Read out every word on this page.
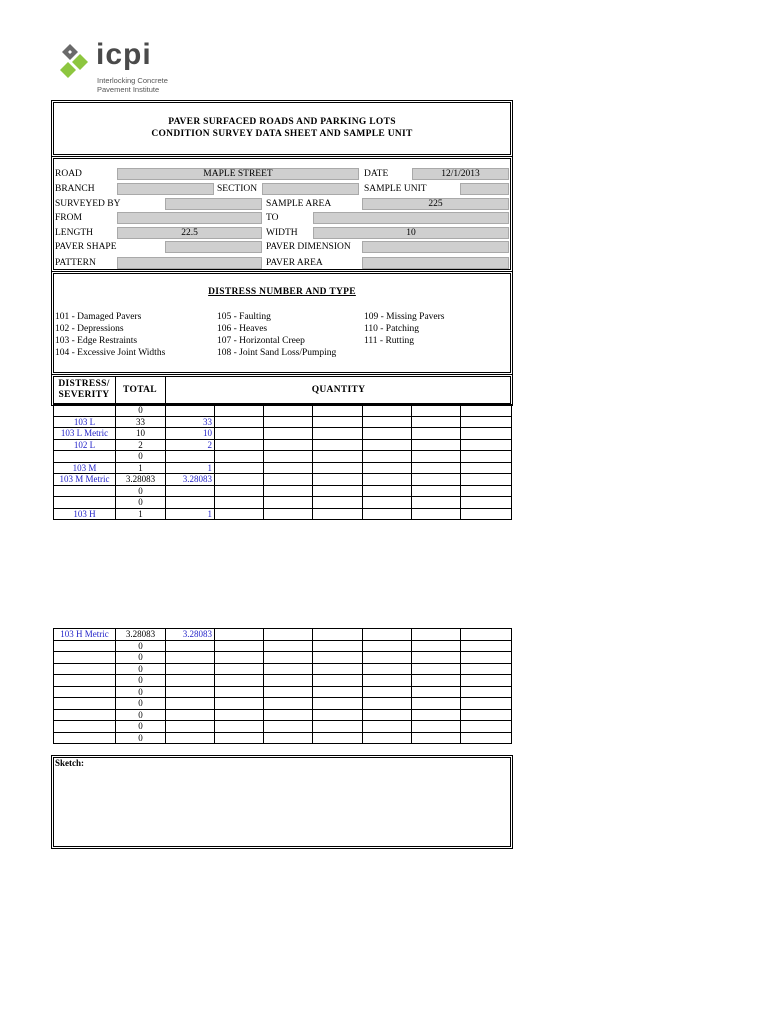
icpi
Interlocking Concrete
Pavement Institute
PAVER SURFACED ROADS AND PARKING LOTS
CONDITION SURVEY DATA SHEET AND SAMPLE UNIT
ROAD	MAPLE STREET	DATE	12/1/2013
BRANCH	SECTION	SAMPLE UNIT
SURVEYED BY	SAMPLE AREA	225
FROM	TO
LENGTH	22.5	WIDTH	10
PAVER SHAPE	PAVER DIMENSION
PATTERN	PAVER AREA
DISTRESS NUMBER AND TYPE
101 - Damaged Pavers
102 - Depressions
103 - Edge Restraints
104 - Excessive Joint Widths
105 - Faulting
106 - Heaves
107 - Horizontal Creep
108 - Joint Sand Loss/Pumping
109 - Missing Pavers
110 - Patching
111 - Rutting
DISTRESS/
SEVERITY	TOTAL	QUANTITY
	0							
103 L	33	33						
103 L Metric	10	10						
102 L	2	2						
	0							
103 M	1	1						
103 M Metric	3.28083	3.28083						
	0							
	0							
103 H	1	1						
103 H Metric	3.28083	3.28083						
	0							
	0							
	0							
	0							
	0							
	0							
	0							
	0							
	0							
Sketch:
